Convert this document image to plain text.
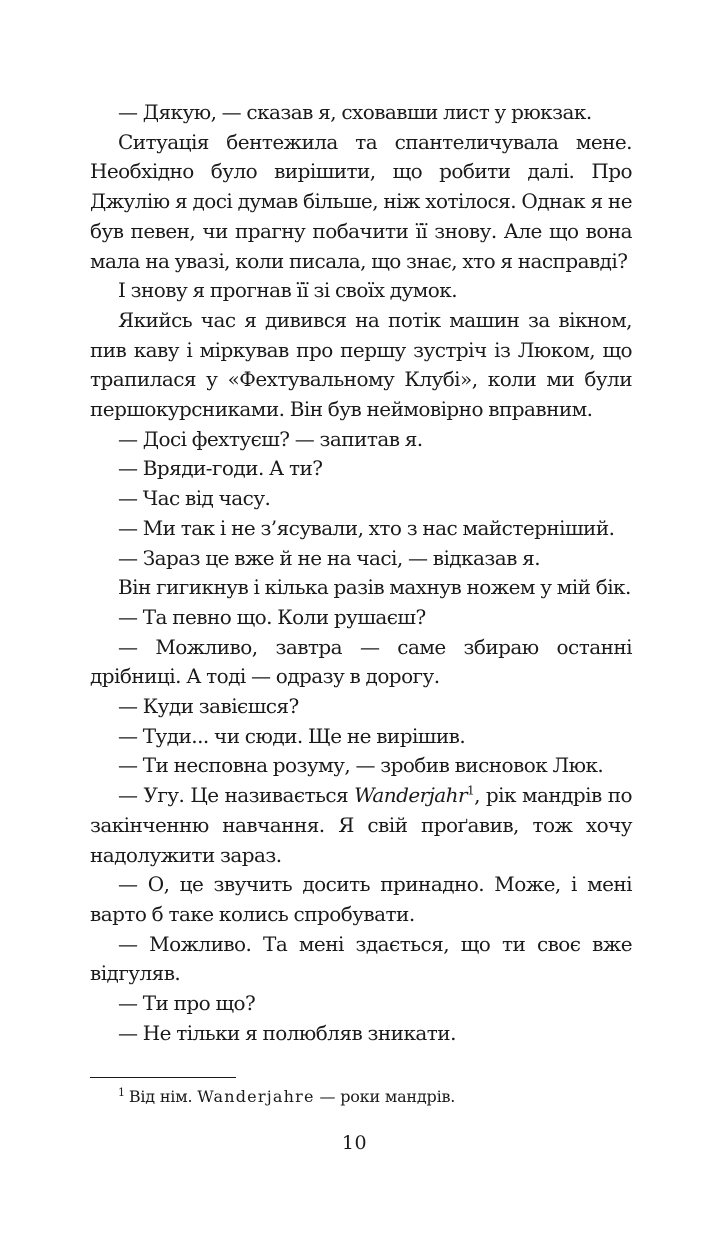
— Дякую, — сказав я, сховавши лист у рюкзак.

Ситуація бентежила та спантеличувала мене. Необхідно було вирішити, що робити далі. Про Джулію я досі думав більше, ніж хотілося. Однак я не був певен, чи прагну побачити її знову. Але що вона мала на увазі, коли писала, що знає, хто я насправді?

І знову я прогнав її зі своїх думок.

Якийсь час я дивився на потік машин за вікном, пив каву і міркував про першу зустріч із Люком, що трапилася у «Фехтувальному Клубі», коли ми були першокурсниками. Він був неймовірно вправним.

— Досі фехтуєш? — запитав я.

— Вряди-годи. А ти?

— Час від часу.

— Ми так і не з’ясували, хто з нас майстерніший.

— Зараз це вже й не на часі, — відказав я.

Він гигикнув і кілька разів махнув ножем у мій бік.

— Та певно що. Коли рушаєш?

— Можливо, завтра — саме збираю останні дрібниці. А тоді — одразу в дорогу.

— Куди завієшся?

— Туди... чи сюди. Ще не вирішив.

— Ти несповна розуму, — зробив висновок Люк.

— Угу. Це називається Wanderjahr$^1$, рік мандрів по закінченню навчання. Я свій проґавив, тож хочу надолужити зараз.

— О, це звучить досить принадно. Може, і мені варто б таке колись спробувати.

— Можливо. Та мені здається, що ти своє вже відгуляв.

— Ти про що?

— Не тільки я полюбляв зникати.

$^1$ Від нім. Wanderjahre — роки мандрів.
10
